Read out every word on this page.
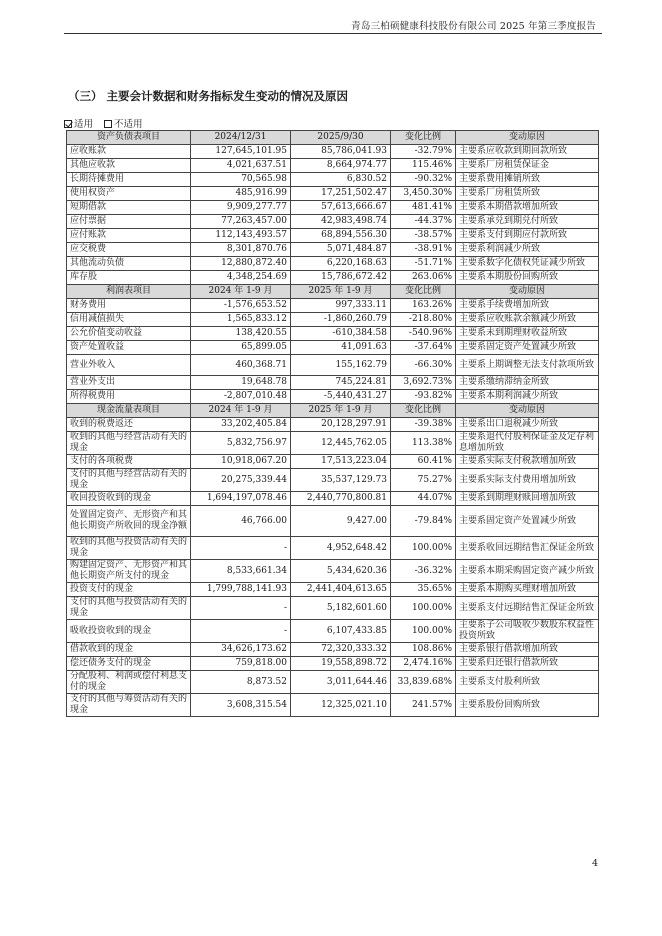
青岛三柏硕健康科技股份有限公司 2025 年第三季度报告
（三） 主要会计数据和财务指标发生变动的情况及原因
适用 不适用
资产负债表项目	2024/12/31	2025/9/30	变化比例	变动原因
应收账款	127,645,101.95	85,786,041.93	-32.79%	主要系应收款到期回款所致
其他应收款	4,021,637.51	8,664,974.77	115.46%	主要系厂房租赁保证金
长期待摊费用	70,565.98	6,830.52	-90.32%	主要系费用摊销所致
使用权资产	485,916.99	17,251,502.47	3,450.30%	主要系厂房租赁所致
短期借款	9,909,277.77	57,613,666.67	481.41%	主要系本期借款增加所致
应付票据	77,263,457.00	42,983,498.74	-44.37%	主要系承兑到期兑付所致
应付账款	112,143,493.57	68,894,556.30	-38.57%	主要系支付到期应付款所致
应交税费	8,301,870.76	5,071,484.87	-38.91%	主要系利润减少所致
其他流动负债	12,880,872.40	6,220,168.63	-51.71%	主要系数字化债权凭证减少所致
库存股	4,348,254.69	15,786,672.42	263.06%	主要系本期股份回购所致
利润表项目	2024 年 1-9 月	2025 年 1-9 月	变化比例	变动原因
财务费用	-1,576,653.52	997,333.11	163.26%	主要系手续费增加所致
信用减值损失	1,565,833.12	-1,860,260.79	-218.80%	主要系应收账款余额减少所致
公允价值变动收益	138,420.55	-610,384.58	-540.96%	主要系未到期理财收益所致
资产处置收益	65,899.05	41,091.63	-37.64%	主要系固定资产处置减少所致
营业外收入	460,368.71	155,162.79	-66.30%	主要系上期调整无法支付款项所致
营业外支出	19,648.78	745,224.81	3,692.73%	主要系缴纳滞纳金所致
所得税费用	-2,807,010.48	-5,440,431.27	-93.82%	主要系本期利润减少所致
现金流量表项目	2024 年 1-9 月	2025 年 1-9 月	变化比例	变动原因
收到的税费返还	33,202,405.84	20,128,297.91	-39.38%	主要系出口退税减少所致
收到的其他与经营活动有关的现金	5,832,756.97	12,445,762.05	113.38%	主要系退代付股利保证金及定存利息增加所致
支付的各项税费	10,918,067.20	17,513,223.04	60.41%	主要系实际支付税款增加所致
支付的其他与经营活动有关的现金	20,275,339.44	35,537,129.73	75.27%	主要系实际支付费用增加所致
收回投资收到的现金	1,694,197,078.46	2,440,770,800.81	44.07%	主要系到期理财赎回增加所致
处置固定资产、无形资产和其他长期资产所收回的现金净额	46,766.00	9,427.00	-79.84%	主要系固定资产处置减少所致
收到的其他与投资活动有关的现金	-	4,952,648.42	100.00%	主要系收回远期结售汇保证金所致
购建固定资产、无形资产和其他长期资产所支付的现金	8,533,661.34	5,434,620.36	-36.32%	主要系本期采购固定资产减少所致
投资支付的现金	1,799,788,141.93	2,441,404,613.65	35.65%	主要系本期购买理财增加所致
支付的其他与投资活动有关的现金	-	5,182,601.60	100.00%	主要系支付远期结售汇保证金所致
吸收投资收到的现金	-	6,107,433.85	100.00%	主要系子公司吸收少数股东权益性投资所致
借款收到的现金	34,626,173.62	72,320,333.32	108.86%	主要系银行借款增加所致
偿还债务支付的现金	759,818.00	19,558,898.72	2,474.16%	主要系归还银行借款所致
分配股利、利润或偿付利息支付的现金	8,873.52	3,011,644.46	33,839.68%	主要系支付股利所致
支付的其他与筹资活动有关的现金	3,608,315.54	12,325,021.10	241.57%	主要系股份回购所致
4
